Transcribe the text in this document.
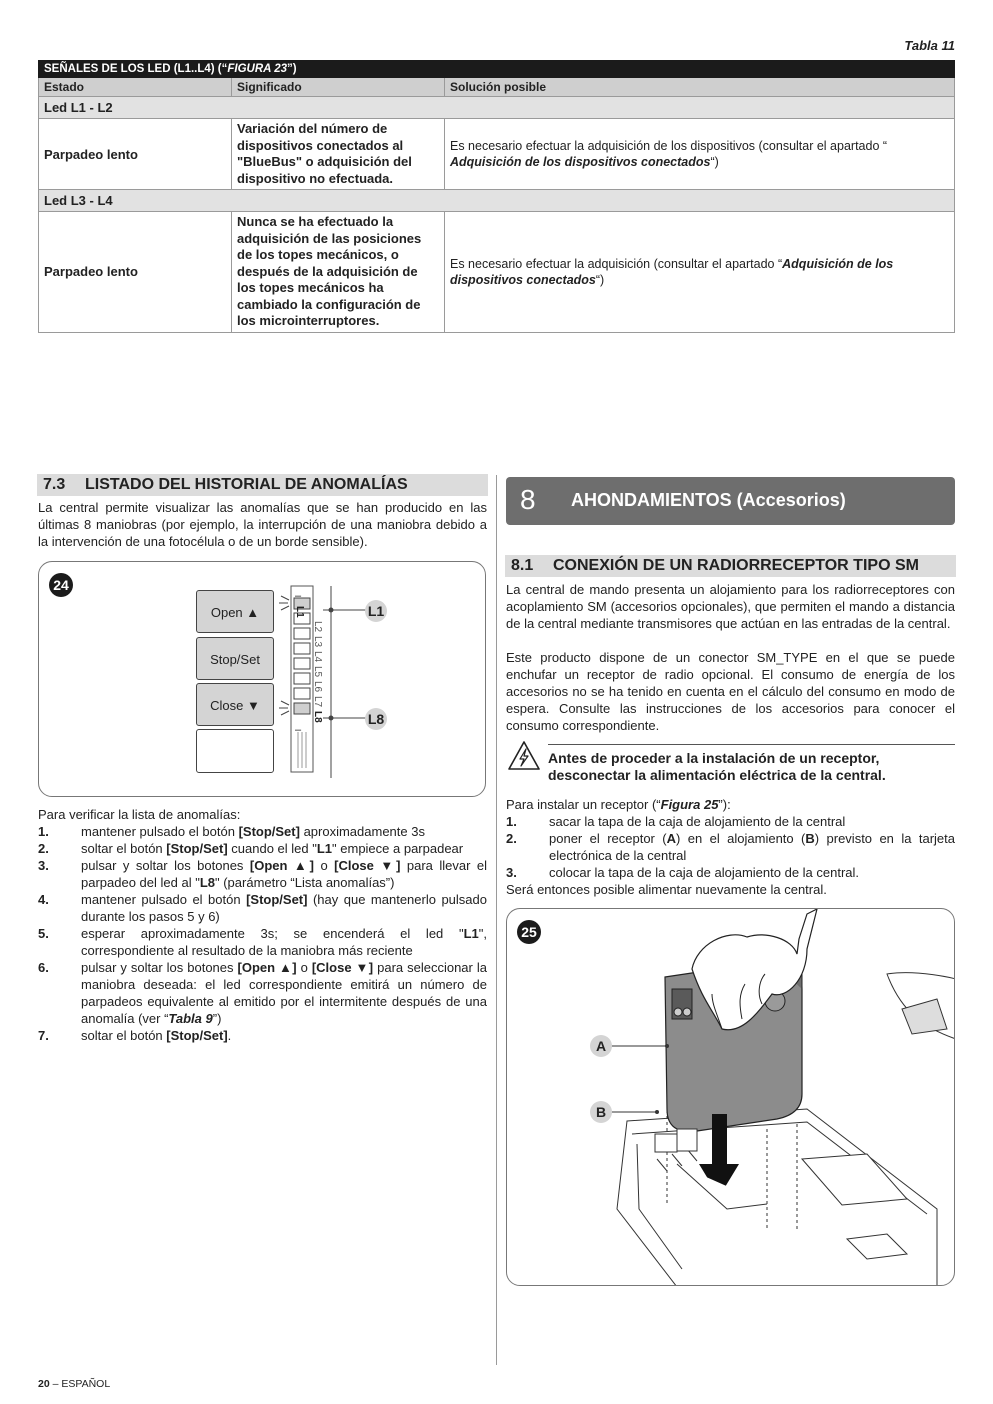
Tabla 11
SEÑALES DE LOS LED (L1..L4) (“FIGURA 23”)		
Estado	Significado	Solución posible
Led L1 - L2		
Parpadeo lento	Variación del número de dispositivos conectados al "BlueBus" o adquisición del dispositivo no efectuada.	Es necesario efectuar la adquisición de los dispositivos (consultar el apartado “ Adquisición de los dispositivos conectados“)
Led L3 - L4		
Parpadeo lento	Nunca se ha efectuado la adquisición de las posiciones de los topes mecánicos, o después de la adquisición de los topes mecánicos ha cambiado la configuración de los microinterruptores.	Es necesario efectuar la adquisición (consultar el apartado “Adquisición de los dispositivos conectados“)
7.3 LISTADO DEL HISTORIAL DE ANOMALÍAS
La central permite visualizar las anomalías que se han producido en las últimas 8 maniobras (por ejemplo, la interrupción de una maniobra debido a la intervención de una fotocélula o de un borde sensible).
24
Open ▲
Stop/Set
Close ▼
–
L1
L2
L3
L4
L5
L6
L7
L8
–
L1
L8
Para verificar la lista de anomalías:
1.	mantener pulsado el botón [Stop/Set] aproximadamente 3s
2.	soltar el botón [Stop/Set] cuando el led "L1" empiece a parpadear
3.	pulsar y soltar los botones [Open ▲] o [Close ▼] para llevar el parpadeo del led al "L8" (parámetro “Lista anomalías”)
4.	mantener pulsado el botón [Stop/Set] (hay que mantenerlo pulsado durante los pasos 5 y 6)
5.	esperar aproximadamente 3s; se encenderá el led "L1", correspondiente al resultado de la maniobra más reciente
6.	pulsar y soltar los botones [Open ▲] o [Close ▼] para seleccionar la maniobra deseada: el led correspondiente emitirá un número de parpadeos equivalente al emitido por el intermitente después de una anomalía (ver “Tabla 9”)
7.	soltar el botón [Stop/Set].
8 AHONDAMIENTOS (Accesorios)
8.1 CONEXIÓN DE UN RADIORRECEPTOR TIPO SM
La central de mando presenta un alojamiento para los radiorreceptores con acoplamiento SM (accesorios opcionales), que permiten el mando a distancia de la central mediante transmisores que actúan en las entradas de la central.
Este producto dispone de un conector SM_TYPE en el que se puede enchufar un receptor de radio opcional. El consumo de energía de los accesorios no se ha tenido en cuenta en el cálculo del consumo en modo de espera. Consulte las instrucciones de los accesorios para conocer el consumo correspondiente.
Antes de proceder a la instalación de un receptor, desconectar la alimentación eléctrica de la central.
Para instalar un receptor (“Figura 25”):
1.	sacar la tapa de la caja de alojamiento de la central
2.	poner el receptor (A) en el alojamiento (B) previsto en la tarjeta electrónica de la central
3.	colocar la tapa de la caja de alojamiento de la central.
Será entonces posible alimentar nuevamente la central.
25
A
B
20 – ESPAÑOL
